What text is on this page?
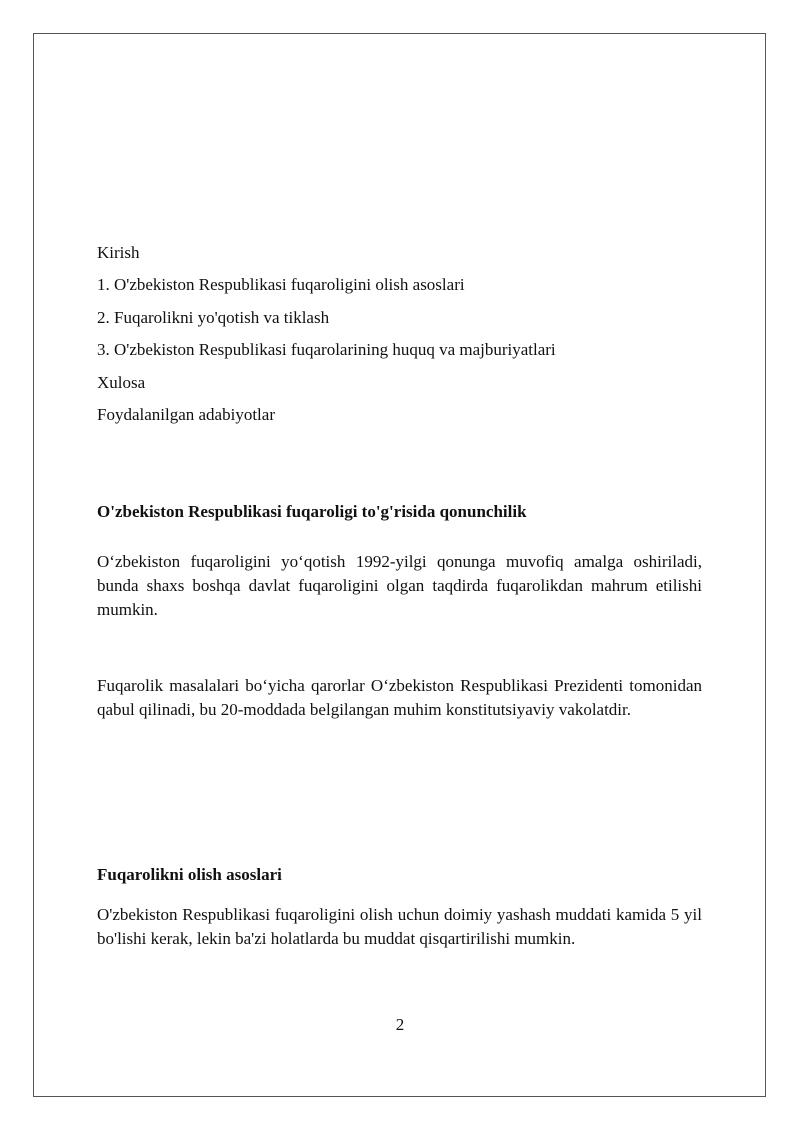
Kirish
1. O'zbekiston Respublikasi fuqaroligini olish asoslari
2. Fuqarolikni yo'qotish va tiklash
3. O'zbekiston Respublikasi fuqarolarining huquq va majburiyatlari
Xulosa
Foydalanilgan adabiyotlar
O'zbekiston Respublikasi fuqaroligi to'g'risida qonunchilik

O‘zbekiston fuqaroligini yo‘qotish 1992-yilgi qonunga muvofiq amalga oshiriladi, bunda shaxs boshqa davlat fuqaroligini olgan taqdirda fuqarolikdan mahrum etilishi mumkin.

Fuqarolik masalalari bo‘yicha qarorlar O‘zbekiston Respublikasi Prezidenti tomonidan qabul qilinadi, bu 20-moddada belgilangan muhim konstitutsiyaviy vakolatdir.

Fuqarolikni olish asoslari

O'zbekiston Respublikasi fuqaroligini olish uchun doimiy yashash muddati kamida 5 yil bo'lishi kerak, lekin ba'zi holatlarda bu muddat qisqartirilishi mumkin.

2
